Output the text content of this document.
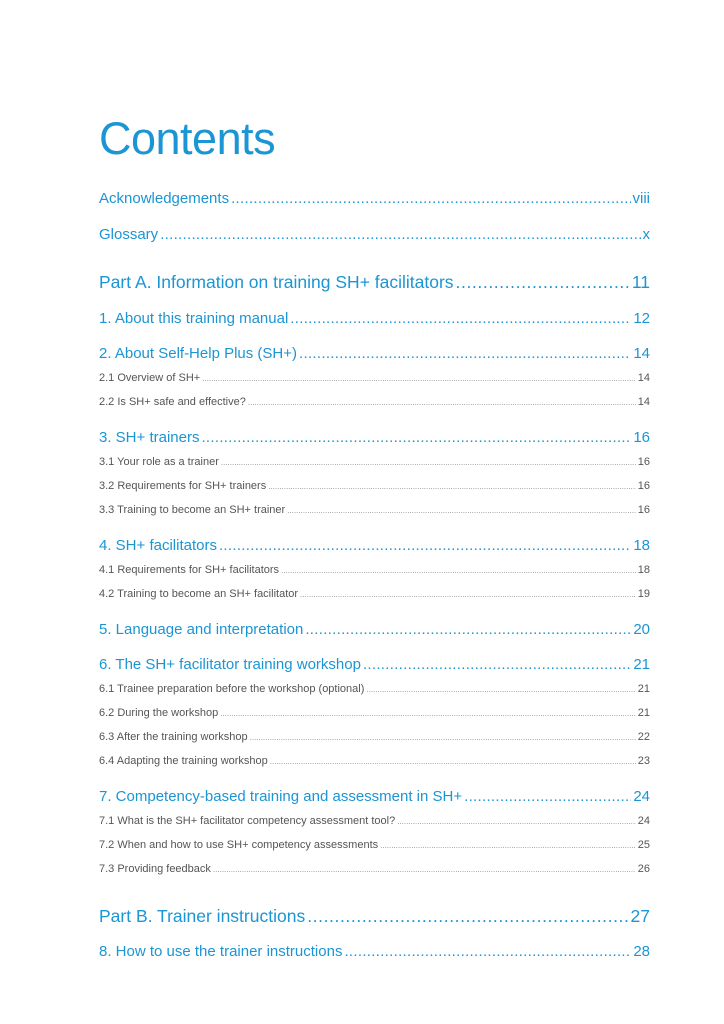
Contents
Acknowledgements .....	viii
Glossary .....	x
Part A. Information on training SH+ facilitators .....	11
1. About this training manual .....	12
2. About Self-Help Plus (SH+) .....	14
2.1 Overview of SH+ .....	14
2.2 Is SH+ safe and effective? .....	14
3. SH+ trainers .....	16
3.1 Your role as a trainer .....	16
3.2 Requirements for SH+ trainers .....	16
3.3 Training to become an SH+ trainer .....	16
4. SH+ facilitators .....	18
4.1 Requirements for SH+ facilitators .....	18
4.2 Training to become an SH+ facilitator .....	19
5. Language and interpretation .....	20
6. The SH+ facilitator training workshop .....	21
6.1 Trainee preparation before the workshop (optional) .....	21
6.2 During the workshop .....	21
6.3 After the training workshop .....	22
6.4 Adapting the training workshop .....	23
7. Competency-based training and assessment in SH+ .....	24
7.1 What is the SH+ facilitator competency assessment tool? .....	24
7.2 When and how to use SH+ competency assessments .....	25
7.3 Providing feedback .....	26
Part B. Trainer instructions .....	27
8. How to use the trainer instructions .....	28
